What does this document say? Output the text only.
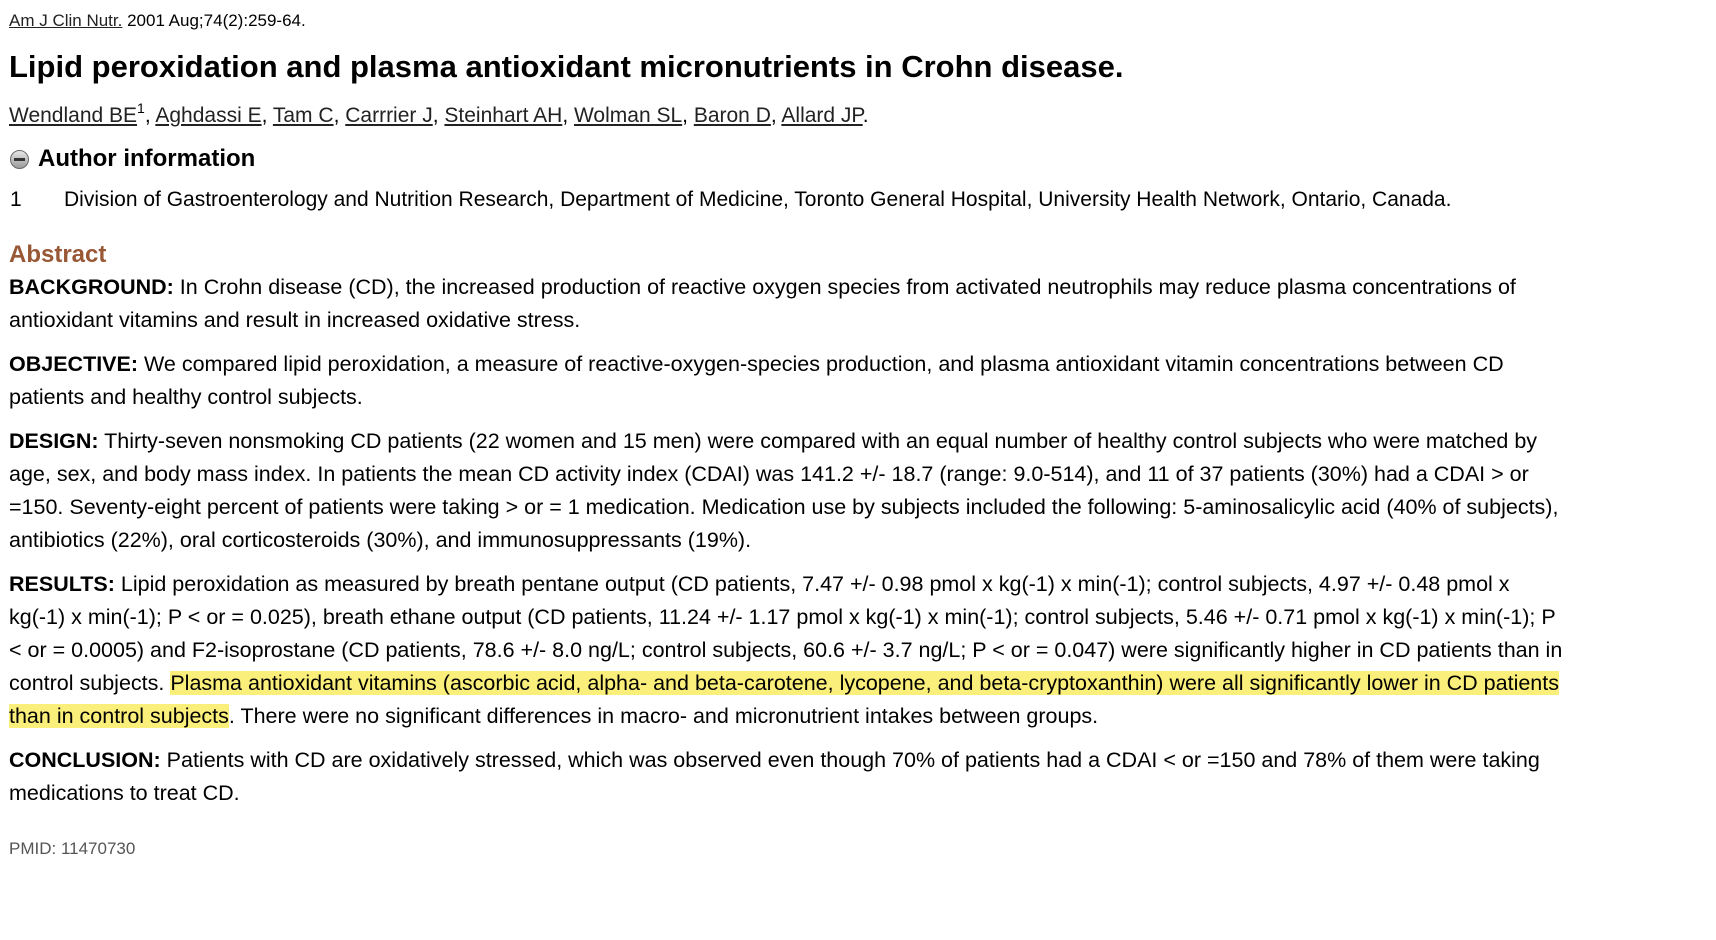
Am J Clin Nutr. 2001 Aug;74(2):259-64.
Lipid peroxidation and plasma antioxidant micronutrients in Crohn disease.
Wendland $BE^1$, Aghdassi E, Tam C, Carrrier J, Steinhart AH, Wolman SL, Baron D, Allard JP.
Author information
1	Division of Gastroenterology and Nutrition Research, Department of Medicine, Toronto General Hospital, University Health Network, Ontario, Canada.
Abstract
BACKGROUND: In Crohn disease (CD), the increased production of reactive oxygen species from activated neutrophils may reduce plasma concentrations of antioxidant vitamins and result in increased oxidative stress.
OBJECTIVE: We compared lipid peroxidation, a measure of reactive-oxygen-species production, and plasma antioxidant vitamin concentrations between CD patients and healthy control subjects.
DESIGN: Thirty-seven nonsmoking CD patients (22 women and 15 men) were compared with an equal number of healthy control subjects who were matched by age, sex, and body mass index. In patients the mean CD activity index (CDAI) was 141.2 +/- 18.7 (range: 9.0-514), and 11 of 37 patients (30%) had a CDAI > or =150. Seventy-eight percent of patients were taking > or = 1 medication. Medication use by subjects included the following: 5-aminosalicylic acid (40% of subjects), antibiotics (22%), oral corticosteroids (30%), and immunosuppressants (19%).
RESULTS: Lipid peroxidation as measured by breath pentane output (CD patients, 7.47 +/- 0.98 pmol x kg(-1) x min(-1); control subjects, 4.97 +/- 0.48 pmol x kg(-1) x min(-1); P < or = 0.025), breath ethane output (CD patients, 11.24 +/- 1.17 pmol x kg(-1) x min(-1); control subjects, 5.46 +/- 0.71 pmol x kg(-1) x min(-1); P < or = 0.0005) and F2-isoprostane (CD patients, 78.6 +/- 8.0 ng/L; control subjects, 60.6 +/- 3.7 ng/L; P < or = 0.047) were significantly higher in CD patients than in control subjects. Plasma antioxidant vitamins (ascorbic acid, alpha- and beta-carotene, lycopene, and beta-cryptoxanthin) were all significantly lower in CD patients than in control subjects. There were no significant differences in macro- and micronutrient intakes between groups.
CONCLUSION: Patients with CD are oxidatively stressed, which was observed even though 70% of patients had a CDAI < or =150 and 78% of them were taking medications to treat CD.
PMID: 11470730
